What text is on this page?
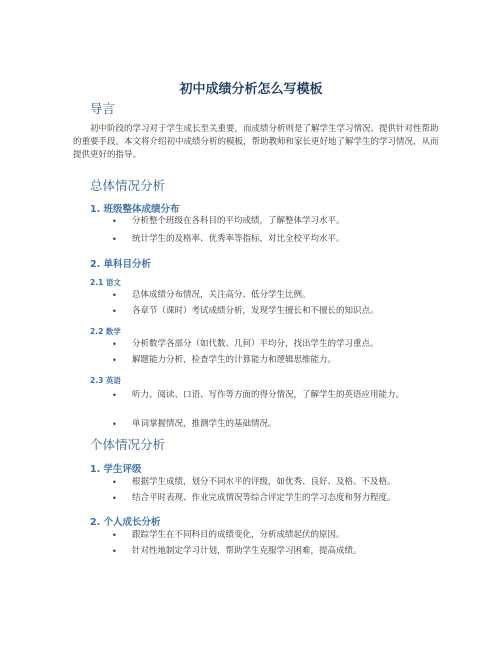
初中成绩分析怎么写模板
导言
初中阶段的学习对于学生成长至关重要，而成绩分析则是了解学生学习情况、提供针对性帮助的重要手段。本文将介绍初中成绩分析的模板，帮助教师和家长更好地了解学生的学习情况，从而提供更好的指导。
总体情况分析
1. 班级整体成绩分布
•	分析整个班级在各科目的平均成绩，了解整体学习水平。
•	统计学生的及格率、优秀率等指标，对比全校平均水平。
2. 单科目分析
2.1 语文
•	总体成绩分布情况，关注高分、低分学生比例。
•	各章节（课时）考试成绩分析，发现学生擅长和不擅长的知识点。
2.2 数学
•	分析数学各部分（如代数、几何）平均分，找出学生的学习重点。
•	解题能力分析，检查学生的计算能力和逻辑思维能力。
2.3 英语
•	听力、阅读、口语、写作等方面的得分情况，了解学生的英语应用能力。
•	单词掌握情况，推测学生的基础情况。
个体情况分析
1. 学生评级
•	根据学生成绩，划分不同水平的评级，如优秀、良好、及格、不及格。
•	结合平时表现、作业完成情况等综合评定学生的学习态度和努力程度。
2. 个人成长分析
•	跟踪学生在不同科目的成绩变化，分析成绩起伏的原因。
•	针对性地制定学习计划，帮助学生克服学习困难，提高成绩。
